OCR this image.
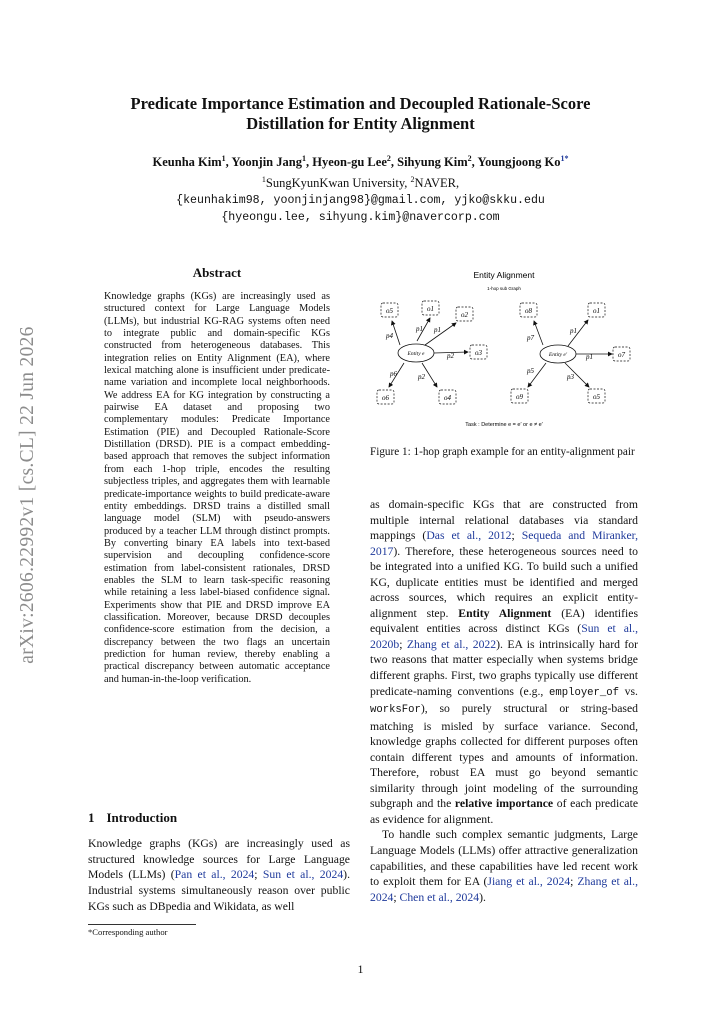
Predicate Importance Estimation and Decoupled Rationale-Score
Distillation for Entity Alignment
Keunha Kim$^1$, Yoonjin Jang$^1$, Hyeon-gu Lee$^2$, Sihyung Kim$^2$, Youngjoong $Ko^{1*}$
$^1$SungKyunKwan University, $^2$NAVER,
{keunhakim98, yoonjinjang98}@gmail.com, yjko@skku.edu
{hyeongu.lee, sihyung.kim}@navercorp.com
arXiv:2606.22992v1 [cs.CL] 22 Jun 2026
Abstract
Knowledge graphs (KGs) are increasingly used as structured context for Large Language Models (LLMs), but industrial KG-RAG systems often need to integrate public and domain-specific KGs constructed from heterogeneous databases. This integration relies on Entity Alignment (EA), where lexical matching alone is insufficient under predicate-name variation and incomplete local neighborhoods. We address EA for KG integration by constructing a pairwise EA dataset and proposing two complementary modules: Predicate Importance Estimation (PIE) and Decoupled Rationale-Score Distillation (DRSD). PIE is a compact embedding-based approach that removes the subject information from each 1-hop triple, encodes the resulting subjectless triples, and aggregates them with learnable predicate-importance weights to build predicate-aware entity embeddings. DRSD trains a distilled small language model (SLM) with pseudo-answers produced by a teacher LLM through distinct prompts. By converting binary EA labels into text-based supervision and decoupling confidence-score estimation from label-consistent rationales, DRSD enables the SLM to learn task-specific reasoning while retaining a less label-biased confidence signal. Experiments show that PIE and DRSD improve EA classification. Moreover, because DRSD decouples confidence-score estimation from the decision, a discrepancy between the two flags an uncertain prediction for human review, thereby enabling a practical discrepancy between automatic acceptance and human-in-the-loop verification.
1 Introduction
Knowledge graphs (KGs) are increasingly used as structured knowledge sources for Large Language Models (LLMs) (Pan et al., 2024; Sun et al., 2024). Industrial systems simultaneously reason over public KGs such as DBpedia and Wikidata, as well
*Corresponding author
Entity Alignment
1-hop sub Graph
Entity e
o5	o1
o2
o3
o4
o6
p4
p1 p1
p2
p2
p6
Entity e′
o8	o1
o7
o5
o9
p7
p1
p1
p3
p5
Task : Determine e = e′ or e ≠ e′
Figure 1: 1-hop graph example for an entity-alignment pair

as domain-specific KGs that are constructed from multiple internal relational databases via standard mappings (Das et al., 2012; Sequeda and Miranker, 2017). Therefore, these heterogeneous sources need to be integrated into a unified KG. To build such a unified KG, duplicate entities must be identified and merged across sources, which requires an explicit entity-alignment step. Entity Alignment (EA) identifies equivalent entities across distinct KGs (Sun et al., 2020b; Zhang et al., 2022). EA is intrinsically hard for two reasons that matter especially when systems bridge different graphs. First, two graphs typically use different predicate-naming conventions (e.g., employer_of vs. worksFor), so purely structural or string-based matching is misled by surface variance. Second, knowledge graphs collected for different purposes often contain different types and amounts of information. Therefore, robust EA must go beyond semantic similarity through joint modeling of the surrounding subgraph and the relative importance of each predicate as evidence for alignment.

To handle such complex semantic judgments, Large Language Models (LLMs) offer attractive generalization capabilities, and these capabilities have led recent work to exploit them for EA (Jiang et al., 2024; Zhang et al., 2024; Chen et al., 2024).

1
